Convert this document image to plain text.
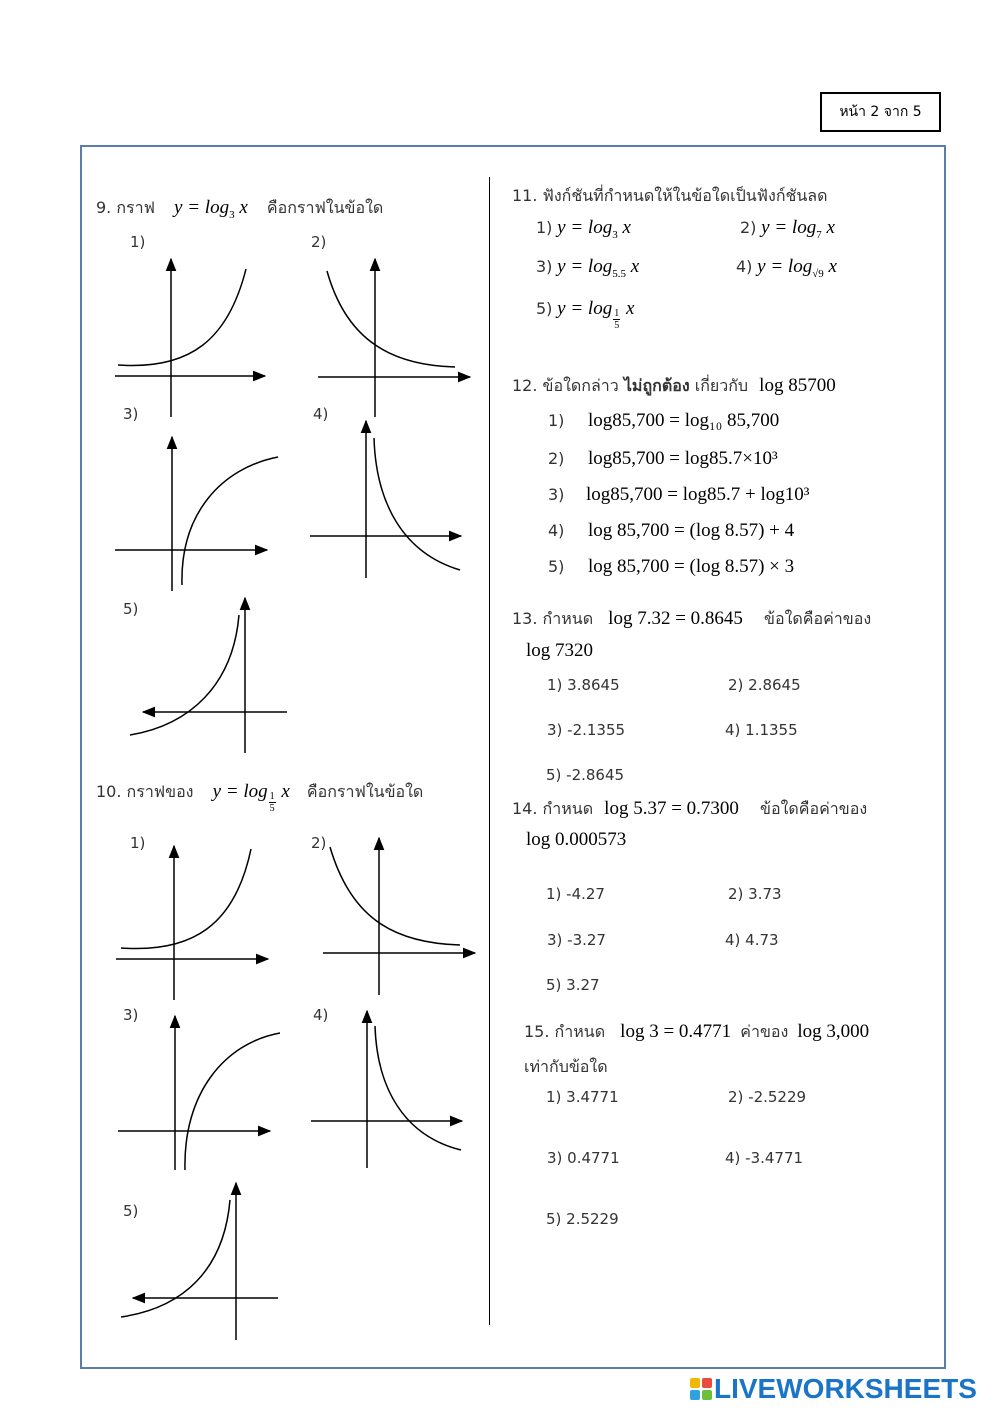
หน้า 2 จาก 5
9. กราฟ $y = \log_3 x$ คือกราฟในข้อใด
1)	2)
3)	4)
5)
10. กราฟของ $y = \log \frac{1}{5}$ x คือกราฟในข้อใด
1)	2)
3)	4)
5)
11. ฟังก์ชันที่กำหนดให้ในข้อใดเป็นฟังก์ชันลด
1) $y = \log_3 x$	2) $y = \log_7 x$
3) $y = \log_{5.5} x$	4) $y = \log_{√9} x$
5) $y = \log \frac{1}{5}$ x
12. ข้อใดกล่าว ไม่ถูกต้อง เกี่ยวกับ log 85700
1) log85,700 = log₁₀ 85,700
2) log85,700 = log85.7×10³
3) log85,700 = log85.7 + log10³
4) log 85,700 = (log 8.57) + 4
5) log 85,700 = (log 8.57) × 3
13. กำหนด log 7.32 = 0.8645 ข้อใดคือค่าของ
log 7320
1) 3.8645	2) 2.8645
3) -2.1355	4) 1.1355
5) -2.8645
14. กำหนด log 5.37 = 0.7300 ข้อใดคือค่าของ
log 0.000573
1) -4.27	2) 3.73
3) -3.27	4) 4.73
5) 3.27
15. กำหนด log 3 = 0.4771 ค่าของ log 3,000
เท่ากับข้อใด
1) 3.4771	2) -2.5229
3) 0.4771	4) -3.4771
5) 2.5229
LIVEWORKSHEETS
